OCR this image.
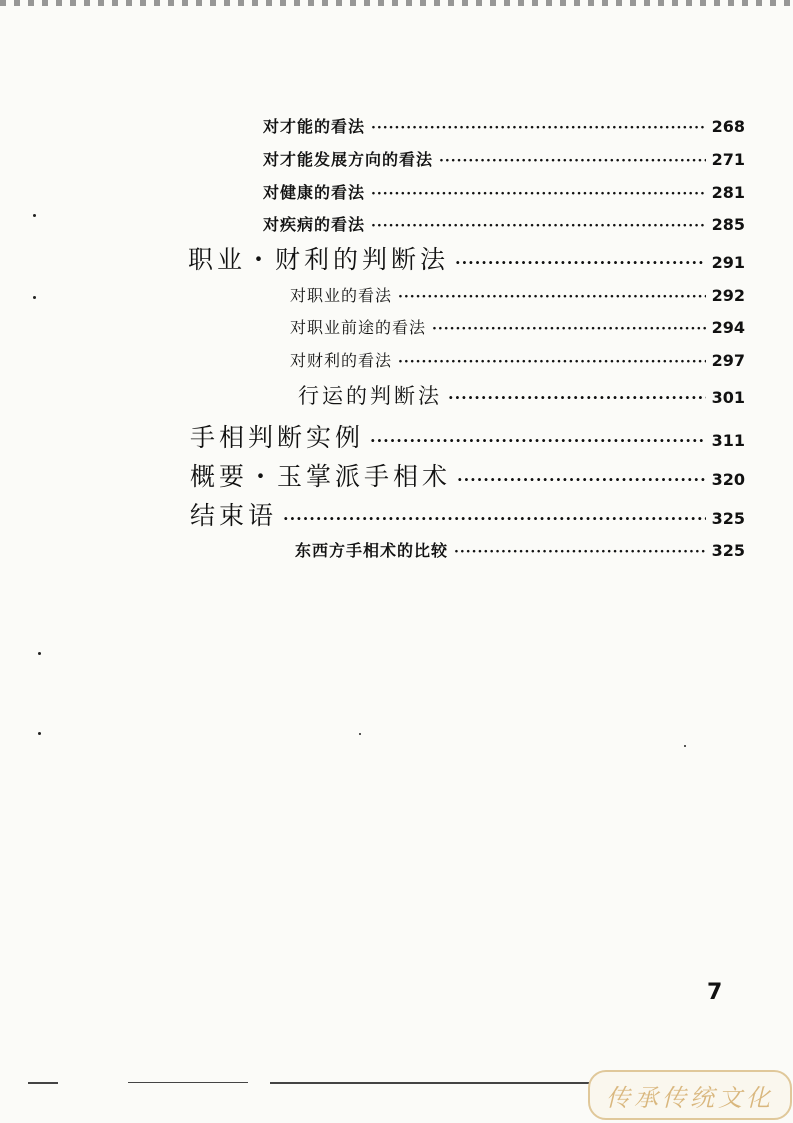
对才能的看法 ·····	268
对才能发展方向的看法 ·····	271
对健康的看法 ·····	281
对疾病的看法 ·····	285
职业・财利的判断法 ·····	291
对职业的看法 ·····	292
对职业前途的看法 ·····	294
对财利的看法 ·····	297
行运的判断法 ·····	301
手相判断实例 ·····	311
概要・玉掌派手相术 ·····	320
结束语 ·····	325
东西方手相术的比较 ·····	325
7
传承传统文化
